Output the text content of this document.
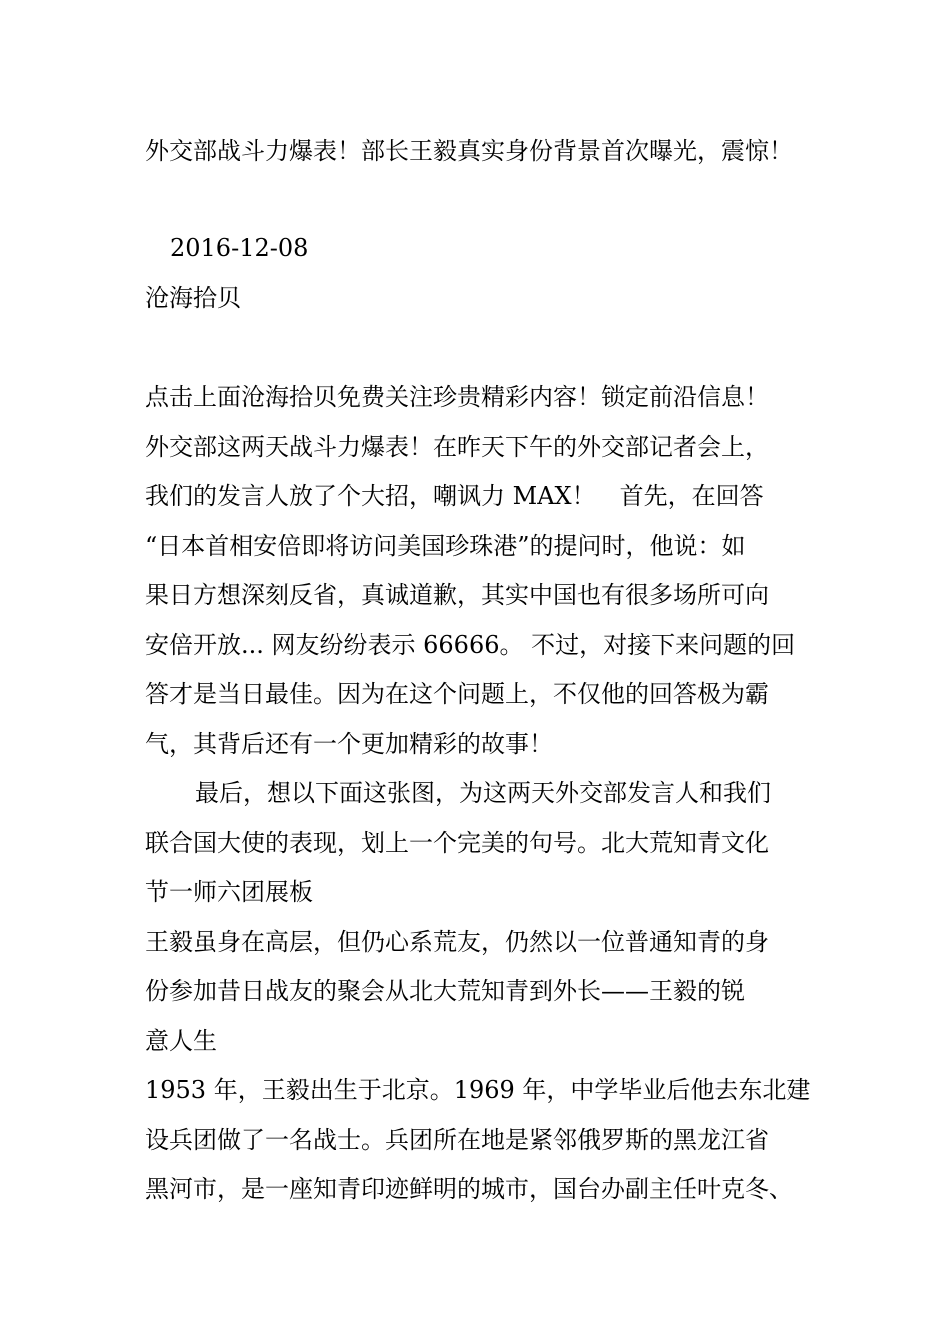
外交部战斗力爆表！部长王毅真实身份背景首次曝光，震惊！
2016-12-08
沧海拾贝
点击上面沧海拾贝免费关注珍贵精彩内容！锁定前沿信息！
外交部这两天战斗力爆表！在昨天下午的外交部记者会上，
我们的发言人放了个大招，嘲讽力 MAX！　首先，在回答
“日本首相安倍即将访问美国珍珠港”的提问时，他说：如
果日方想深刻反省，真诚道歉，其实中国也有很多场所可向
安倍开放... 网友纷纷表示 66666。 不过，对接下来问题的回
答才是当日最佳。因为在这个问题上，不仅他的回答极为霸
气，其背后还有一个更加精彩的故事！
最后，想以下面这张图，为这两天外交部发言人和我们
联合国大使的表现，划上一个完美的句号。北大荒知青文化
节一师六团展板
王毅虽身在高层，但仍心系荒友，仍然以一位普通知青的身
份参加昔日战友的聚会从北大荒知青到外长——王毅的锐
意人生
1953 年，王毅出生于北京。1969 年，中学毕业后他去东北建
设兵团做了一名战士。兵团所在地是紧邻俄罗斯的黑龙江省
黑河市，是一座知青印迹鲜明的城市，国台办副主任叶克冬、
